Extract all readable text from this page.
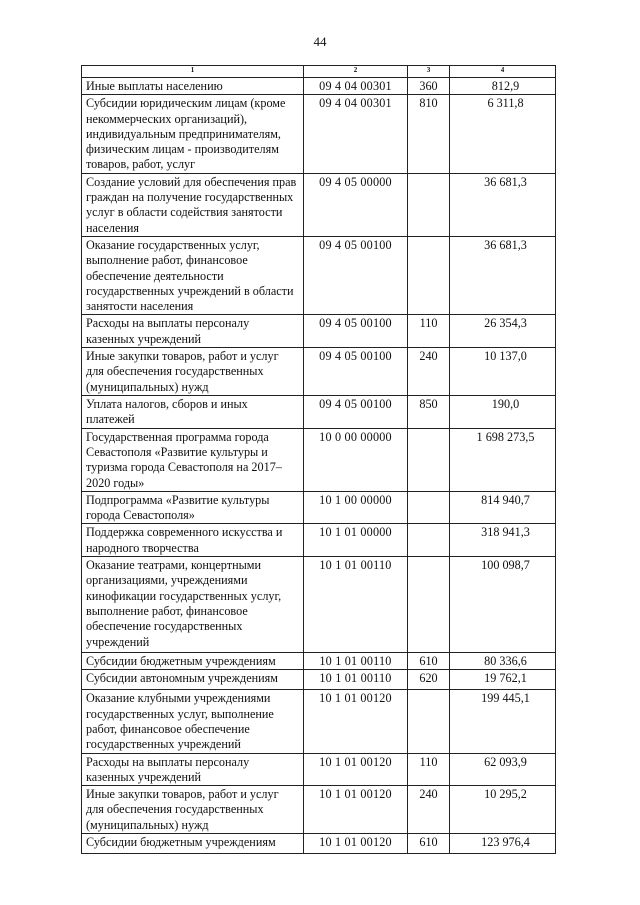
44
1	2	3	4
Иные выплаты населению	09 4 04 00301	360	812,9
Субсидии юридическим лицам (кроме некоммерческих организаций), индивидуальным предпринимателям, физическим лицам - производителям товаров, работ, услуг	09 4 04 00301	810	6 311,8
Создание условий для обеспечения прав граждан на получение государственных услуг в области содействия занятости населения	09 4 05 00000		36 681,3
Оказание государственных услуг, выполнение работ, финансовое обеспечение деятельности государственных учреждений в области занятости населения	09 4 05 00100		36 681,3
Расходы на выплаты персоналу казенных учреждений	09 4 05 00100	110	26 354,3
Иные закупки товаров, работ и услуг для обеспечения государственных (муниципальных) нужд	09 4 05 00100	240	10 137,0
Уплата налогов, сборов и иных платежей	09 4 05 00100	850	190,0
Государственная программа города Севастополя «Развитие культуры и туризма города Севастополя на 2017–2020 годы»	10 0 00 00000		1 698 273,5
Подпрограмма «Развитие культуры города Севастополя»	10 1 00 00000		814 940,7
Поддержка современного искусства и народного творчества	10 1 01 00000		318 941,3
Оказание театрами, концертными организациями, учреждениями кинофикации государственных услуг, выполнение работ, финансовое обеспечение государственных учреждений	10 1 01 00110		100 098,7
Субсидии бюджетным учреждениям	10 1 01 00110	610	80 336,6
Субсидии автономным учреждениям	10 1 01 00110	620	19 762,1
Оказание клубными учреждениями государственных услуг, выполнение работ, финансовое обеспечение государственных учреждений	10 1 01 00120		199 445,1
Расходы на выплаты персоналу казенных учреждений	10 1 01 00120	110	62 093,9
Иные закупки товаров, работ и услуг для обеспечения государственных (муниципальных) нужд	10 1 01 00120	240	10 295,2
Субсидии бюджетным учреждениям	10 1 01 00120	610	123 976,4
